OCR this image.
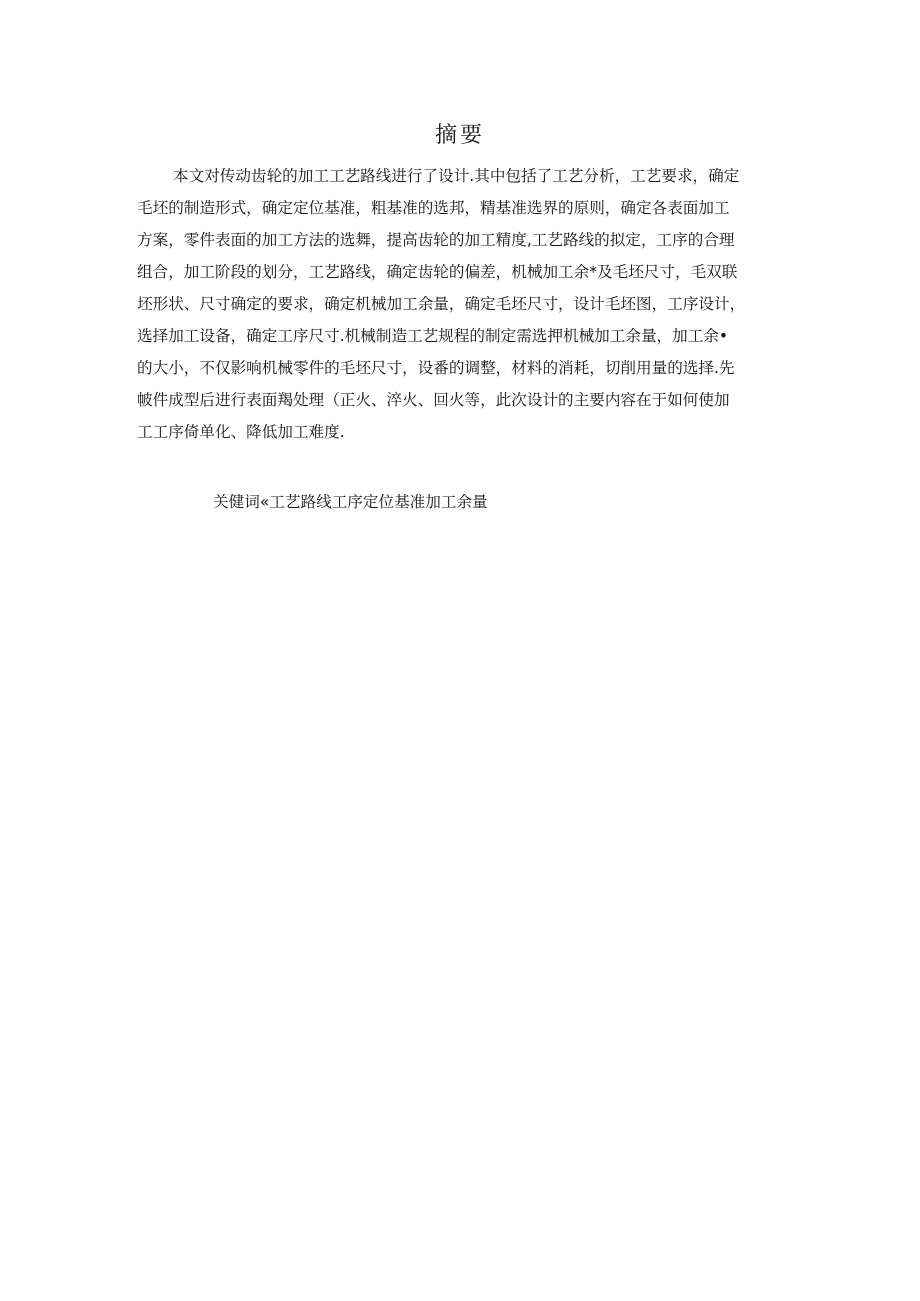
摘要
本文对传动齿轮的加工工艺路线进行了设计.其中包括了工艺分析，工艺要求，确定
毛坯的制造形式，确定定位基准，粗基准的选邦，精基准选界的原则，确定各表面加工
方案，零件表面的加工方法的选舞，提高齿轮的加工精度,工艺路线的拟定，工序的合理
组合，加工阶段的划分，工艺路线，确定齿轮的偏差，机械加工余*及毛坯尺寸，毛双联
坯形状、尺寸确定的要求，确定机械加工余量，确定毛坯尺寸，设计毛坯图，工序设计，
选择加工设备，确定工序尺寸.机械制造工艺规程的制定需选押机械加工余量，加工余•
的大小，不仅影响机械零件的毛坯尺寸，设番的调整，材料的消耗，切削用量的选择.先
帔件成型后进行表面羯处理（正火、淬火、回火等，此次设计的主要内容在于如何使加
工工序倚单化、降低加工难度.
关健词«工艺路线工序定位基准加工余量
